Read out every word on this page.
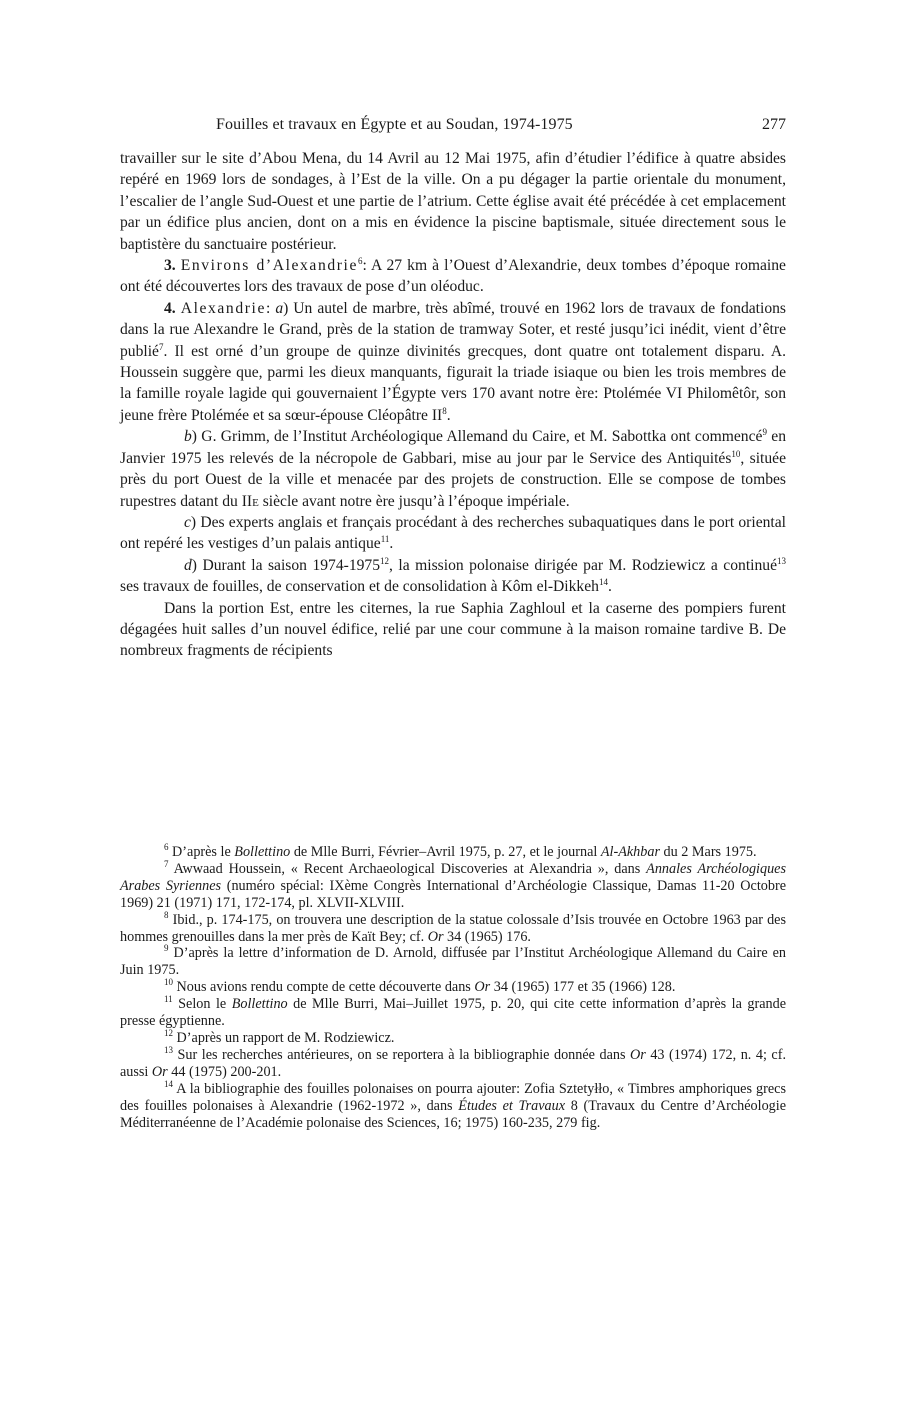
Fouilles et travaux en Égypte et au Soudan, 1974-1975	277

travailler sur le site d’Abou Mena, du 14 Avril au 12 Mai 1975, afin d’étudier l’édifice à quatre absides repéré en 1969 lors de sondages, à l’Est de la ville. On a pu dégager la partie orientale du monument, l’escalier de l’angle Sud-Ouest et une partie de l’atrium. Cette église avait été précédée à cet emplacement par un édifice plus ancien, dont on a mis en évidence la piscine baptismale, située directement sous le baptistère du sanctuaire postérieur.

3. Environs d’Alexandrie$^6$: A 27 km à l’Ouest d’Alexandrie, deux tombes d’époque romaine ont été découvertes lors des travaux de pose d’un oléoduc.

4. Alexandrie: a) Un autel de marbre, très abîmé, trouvé en 1962 lors de travaux de fondations dans la rue Alexandre le Grand, près de la station de tramway Soter, et resté jusqu’ici inédit, vient d’être publié$^7$. Il est orné d’un groupe de quinze divinités grecques, dont quatre ont totalement disparu. A. Houssein suggère que, parmi les dieux manquants, figurait la triade isiaque ou bien les trois membres de la famille royale lagide qui gouvernaient l’Égypte vers 170 avant notre ère: Ptolémée VI Philomêtôr, son jeune frère Ptolémée et sa sœur-épouse Cléopâtre $II^8$.

b) G. Grimm, de l’Institut Archéologique Allemand du Caire, et M. Sabottka ont commencé$^9$ en Janvier 1975 les relevés de la nécropole de Gabbari, mise au jour par le Service des Antiquités$^{10}$, située près du port Ouest de la ville et menacée par des projets de construction. Elle se compose de tombes rupestres datant du IIe siècle avant notre ère jusqu’à l’époque impériale.

c) Des experts anglais et français procédant à des recherches subaquatiques dans le port oriental ont repéré les vestiges d’un palais antique$^{11}$.

d) Durant la saison 1974-1975$^{12}$, la mission polonaise dirigée par M. Rodziewicz a continué$^{13}$ ses travaux de fouilles, de conservation et de consolidation à Kôm el-Dikkeh$^{14}$.

Dans la portion Est, entre les citernes, la rue Saphia Zaghloul et la caserne des pompiers furent dégagées huit salles d’un nouvel édifice, relié par une cour commune à la maison romaine tardive B. De nombreux fragments de récipients

$^6$ D’après le Bollettino de Mlle Burri, Février–Avril 1975, p. 27, et le journal Al-Akhbar du 2 Mars 1975.

$^7$ Awwaad Houssein, « Recent Archaeological Discoveries at Alexandria », dans Annales Archéologiques Arabes Syriennes (numéro spécial: IXème Congrès International d’Archéologie Classique, Damas 11-20 Octobre 1969) 21 (1971) 171, 172-174, pl. XLVII-XLVIII.

$^8$ Ibid., p. 174-175, on trouvera une description de la statue colossale d’Isis trouvée en Octobre 1963 par des hommes grenouilles dans la mer près de Kaït Bey; cf. Or 34 (1965) 176.

$^9$ D’après la lettre d’information de D. Arnold, diffusée par l’Institut Archéologique Allemand du Caire en Juin 1975.

$^{10}$ Nous avions rendu compte de cette découverte dans Or 34 (1965) 177 et 35 (1966) 128.

$^{11}$ Selon le Bollettino de Mlle Burri, Mai–Juillet 1975, p. 20, qui cite cette information d’après la grande presse égyptienne.

$^{12}$ D’après un rapport de M. Rodziewicz.

$^{13}$ Sur les recherches antérieures, on se reportera à la bibliographie donnée dans Or 43 (1974) 172, n. 4; cf. aussi Or 44 (1975) 200-201.

$^{14}$ A la bibliographie des fouilles polonaises on pourra ajouter: Zofia Sztetyłło, « Timbres amphoriques grecs des fouilles polonaises à Alexandrie (1962-1972 », dans Études et Travaux 8 (Travaux du Centre d’Archéologie Méditerranéenne de l’Académie polonaise des Sciences, 16; 1975) 160-235, 279 fig.
